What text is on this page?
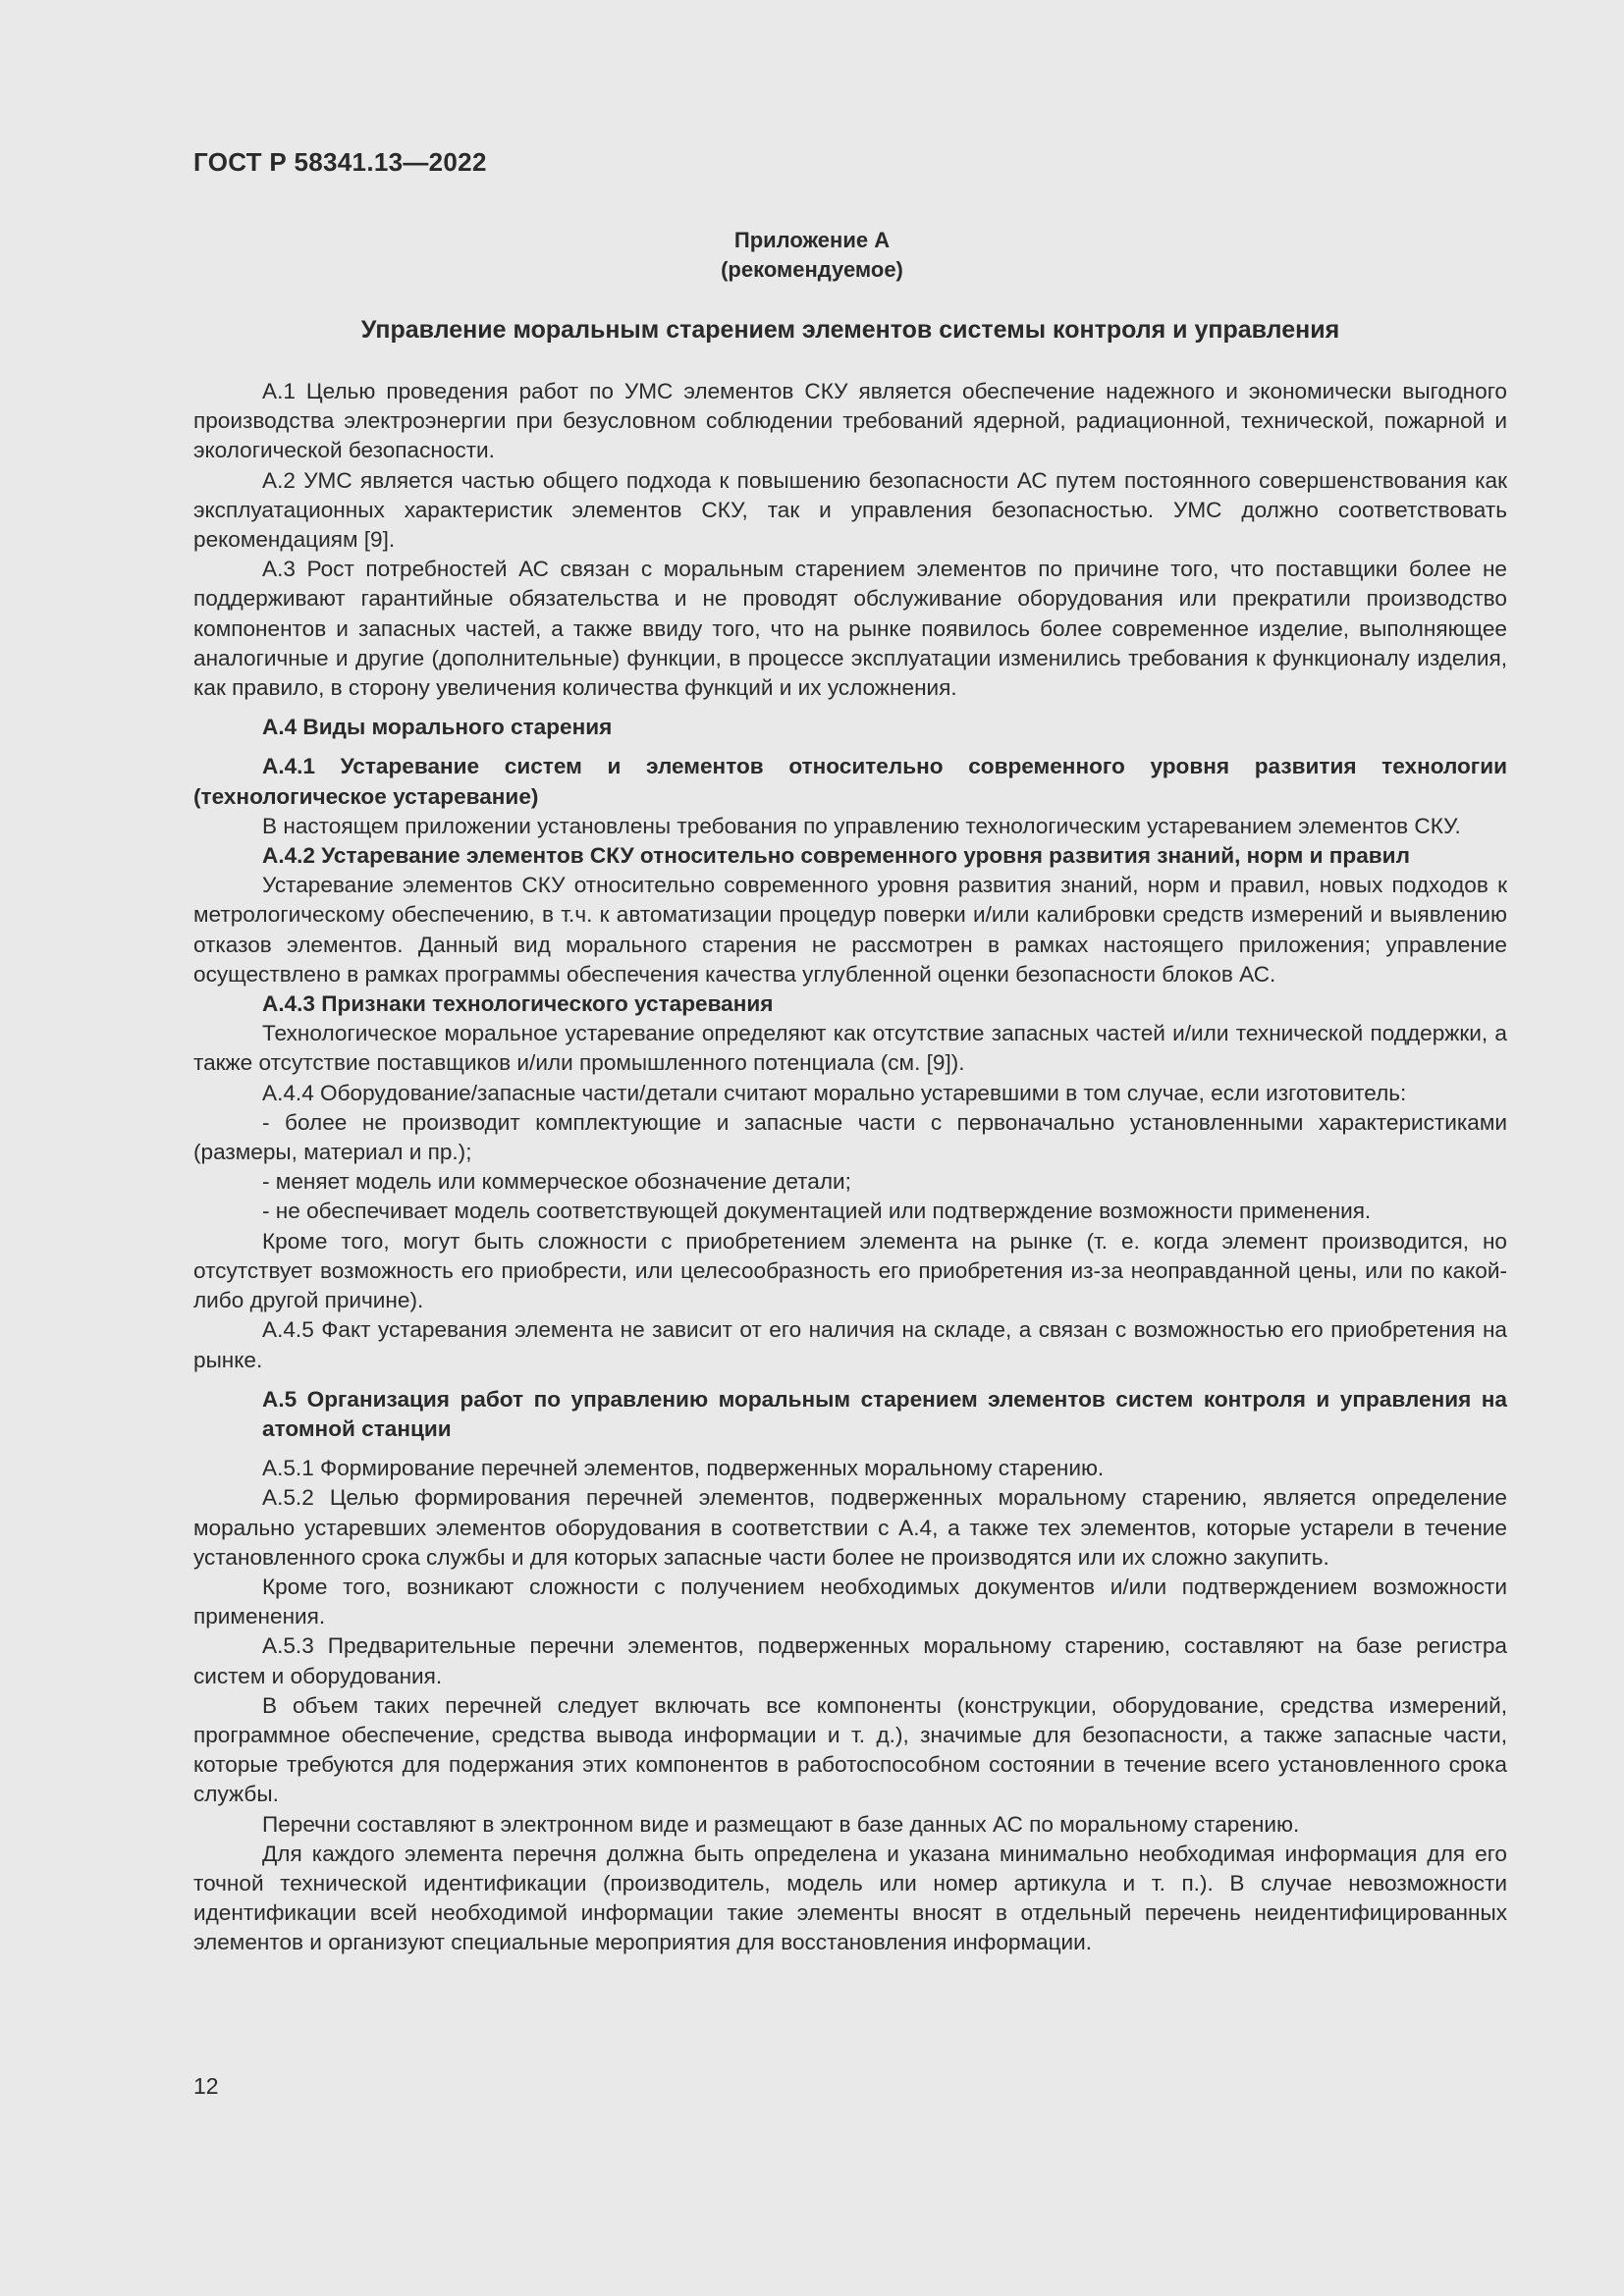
ГОСТ Р 58341.13—2022
Приложение А
(рекомендуемое)
Управление моральным старением элементов системы контроля и управления

А.1 Целью проведения работ по УМС элементов СКУ является обеспечение надежного и экономически выгодного производства электроэнергии при безусловном соблюдении требований ядерной, радиационной, технической, пожарной и экологической безопасности.

А.2 УМС является частью общего подхода к повышению безопасности АС путем постоянного совершенствования как эксплуатационных характеристик элементов СКУ, так и управления безопасностью. УМС должно соответствовать рекомендациям [9].

А.3 Рост потребностей АС связан с моральным старением элементов по причине того, что поставщики более не поддерживают гарантийные обязательства и не проводят обслуживание оборудования или прекратили производство компонентов и запасных частей, а также ввиду того, что на рынке появилось более современное изделие, выполняющее аналогичные и другие (дополнительные) функции, в процессе эксплуатации изменились требования к функционалу изделия, как правило, в сторону увеличения количества функций и их усложнения.

А.4 Виды морального старения

А.4.1 Устаревание систем и элементов относительно современного уровня развития технологии (технологическое устаревание)

В настоящем приложении установлены требования по управлению технологическим устареванием элементов СКУ.

А.4.2 Устаревание элементов СКУ относительно современного уровня развития знаний, норм и правил

Устаревание элементов СКУ относительно современного уровня развития знаний, норм и правил, новых подходов к метрологическому обеспечению, в т.ч. к автоматизации процедур поверки и/или калибровки средств измерений и выявлению отказов элементов. Данный вид морального старения не рассмотрен в рамках настоящего приложения; управление осуществлено в рамках программы обеспечения качества углубленной оценки безопасности блоков АС.

А.4.3 Признаки технологического устаревания

Технологическое моральное устаревание определяют как отсутствие запасных частей и/или технической поддержки, а также отсутствие поставщиков и/или промышленного потенциала (см. [9]).

А.4.4 Оборудование/запасные части/детали считают морально устаревшими в том случае, если изготовитель:

- более не производит комплектующие и запасные части с первоначально установленными характеристиками (размеры, материал и пр.);

- меняет модель или коммерческое обозначение детали;

- не обеспечивает модель соответствующей документацией или подтверждение возможности применения.

Кроме того, могут быть сложности с приобретением элемента на рынке (т. е. когда элемент производится, но отсутствует возможность его приобрести, или целесообразность его приобретения из-за неоправданной цены, или по какой-либо другой причине).

А.4.5 Факт устаревания элемента не зависит от его наличия на складе, а связан с возможностью его приобретения на рынке.

А.5 Организация работ по управлению моральным старением элементов систем контроля и управления на атомной станции

А.5.1 Формирование перечней элементов, подверженных моральному старению.

А.5.2 Целью формирования перечней элементов, подверженных моральному старению, является определение морально устаревших элементов оборудования в соответствии с А.4, а также тех элементов, которые устарели в течение установленного срока службы и для которых запасные части более не производятся или их сложно закупить.

Кроме того, возникают сложности с получением необходимых документов и/или подтверждением возможности применения.

А.5.3 Предварительные перечни элементов, подверженных моральному старению, составляют на базе регистра систем и оборудования.

В объем таких перечней следует включать все компоненты (конструкции, оборудование, средства измерений, программное обеспечение, средства вывода информации и т. д.), значимые для безопасности, а также запасные части, которые требуются для подержания этих компонентов в работоспособном состоянии в течение всего установленного срока службы.

Перечни составляют в электронном виде и размещают в базе данных АС по моральному старению.

Для каждого элемента перечня должна быть определена и указана минимально необходимая информация для его точной технической идентификации (производитель, модель или номер артикула и т. п.). В случае невозможности идентификации всей необходимой информации такие элементы вносят в отдельный перечень неидентифицированных элементов и организуют специальные мероприятия для восстановления информации.

12
